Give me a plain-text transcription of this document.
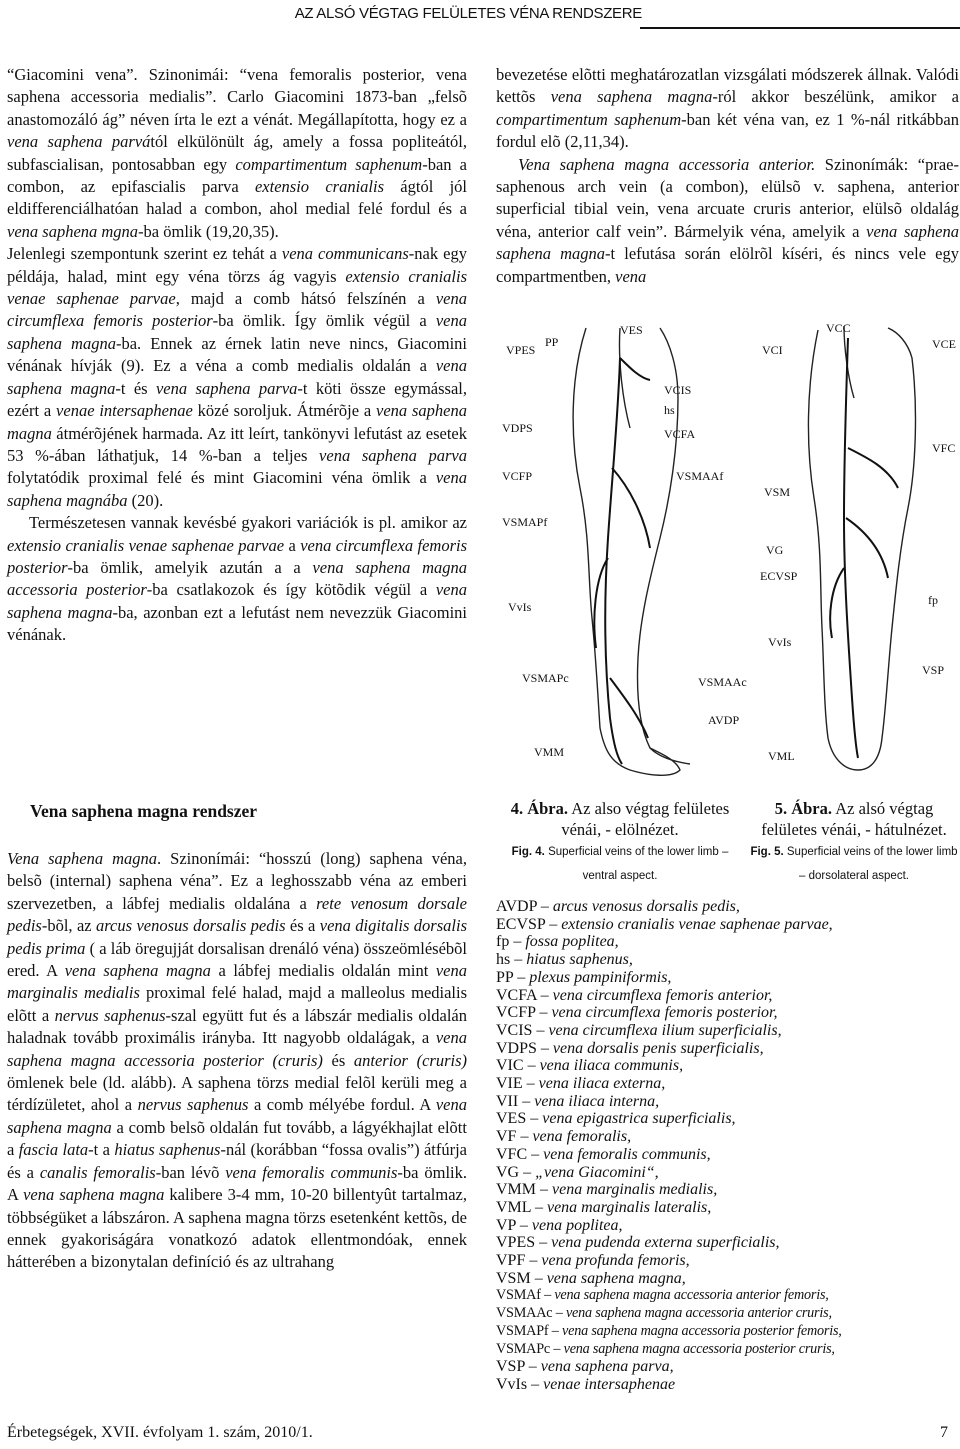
AZ ALSÓ VÉGTAG FELÜLETES VÉNA RENDSZERE

“Giacomini vena”. Szinonimái: “vena femoralis posterior, vena saphena accessoria medialis”. Carlo Giacomini 1873-ban „felsõ anastomozáló ág” néven írta le ezt a vénát. Megállapította, hogy ez a vena saphena parvától elkülönült ág, amely a fossa popliteától, subfascialisan, pontosabban egy compartimentum saphenum-ban a combon, az epifascialis parva extensio cranialis ágtól jól eldifferenciálhatóan halad a combon, ahol medial felé fordul és a vena saphena mgna-ba ömlik (19,20,35).

Jelenlegi szempontunk szerint ez tehát a vena communicans-nak egy példája, halad, mint egy véna törzs ág vagyis extensio cranialis venae saphenae parvae, majd a comb hátsó felszínén a vena circumflexa femoris posterior-ba ömlik. Így ömlik végül a vena saphena magna-ba. Ennek az érnek latin neve nincs, Giacomini vénának hívják (9). Ez a véna a comb medialis oldalán a vena saphena magna-t és vena saphena parva-t köti össze egymással, ezért a venae intersaphenae közé soroljuk. Átmérõje a vena saphena magna átmérõjének harmada. Az itt leírt, tankönyvi lefutást az esetek 53 %-ában láthatjuk, 14 %-ban a teljes vena saphena parva folytatódik proximal felé és mint Giacomini véna ömlik a vena saphena magnába (20).

Természetesen vannak kevésbé gyakori variációk is pl. amikor az extensio cranialis venae saphenae parvae a vena circumflexa femoris posterior-ba ömlik, amelyik azután a a vena saphena magna accessoria posterior-ba csatlakozok és így kötõdik végül a vena saphena magna-ba, azonban ezt a lefutást nem nevezzük Giacomini vénának.

Vena saphena magna rendszer

Vena saphena magna. Szinonímái: “hosszú (long) saphena véna, belsõ (internal) saphena véna”. Ez a leghosszabb véna az emberi szervezetben, a lábfej medialis oldalána a rete venosum dorsale pedis-bõl, az arcus venosus dorsalis pedis és a vena digitalis dorsalis pedis prima ( a láb öregujját dorsalisan drenáló véna) összeömlésébõl ered. A vena saphena magna a lábfej medialis oldalán mint vena marginalis medialis proximal felé halad, majd a malleolus medialis elõtt a nervus saphenus-szal együtt fut és a lábszár medialis oldalán haladnak tovább proximális irányba. Itt nagyobb oldalágak, a vena saphena magna accessoria posterior (cruris) és anterior (cruris) ömlenek bele (ld. alább). A saphena törzs medial felõl kerüli meg a térdízületet, ahol a nervus saphenus a comb mélyébe fordul. A vena saphena magna a comb belsõ oldalán fut tovább, a lágyékhajlat elõtt a fascia lata-t a hiatus saphenus-nál (korábban “fossa ovalis”) átfúrja és a canalis femoralis-ban lévõ vena femoralis communis-ba ömlik. A vena saphena magna kalibere 3-4 mm, 10-20 billentyût tartalmaz, többségüket a lábszáron. A saphena magna törzs esetenként kettõs, de ennek gyakoriságára vonatkozó adatok ellentmondóak, ennek hátterében a bizonytalan definíció és az ultrahang

bevezetése elõtti meghatározatlan vizsgálati módszerek állnak. Valódi kettõs vena saphena magna-ról akkor beszélünk, amikor a compartimentum saphenum-ban két véna van, ez 1 %-nál ritkábban fordul elõ (2,11,34).

Vena saphena magna accessoria anterior. Szinonímák: “prae-saphenous arch vein (a combon), elülsõ v. saphena, anterior superficial tibial vein, vena arcuate cruris anterior, elülsõ oldalág véna, anterior calf vein”. Bármelyik véna, amelyik a vena saphena saphena magna-t lefutása során elölrõl kíséri, és nincs vele egy compartmentben, vena

VES
PP
VPES
VCIS
hs
VDPS	VCFA
VCFP	VSMAAf
VSMAPf
VvIs
VSMAPc	VSMAAc
AVDP
VMM
VCC
VCI	VCE
VFC
VSM
VG
ECVSP
fp
VvIs
VSP
VML
4. Ábra. Az also végtag felületes vénái, - elölnézet.
Fig. 4. Superficial veins of the lower limb – ventral aspect.
5. Ábra. Az alsó végtag felületes vénái, - hátulnézet.
Fig. 5. Superficial veins of the lower limb – dorsolateral aspect.
AVDP – arcus venosus dorsalis pedis,
ECVSP – extensio cranialis venae saphenae parvae,
fp – fossa poplitea,
hs – hiatus saphenus,
PP – plexus pampiniformis,
VCFA – vena circumflexa femoris anterior,
VCFP – vena circumflexa femoris posterior,
VCIS – vena circumflexa ilium superficialis,
VDPS – vena dorsalis penis superficialis,
VIC – vena iliaca communis,
VIE – vena iliaca externa,
VII – vena iliaca interna,
VES – vena epigastrica superficialis,
VF – vena femoralis,
VFC – vena femoralis communis,
VG – „vena Giacomini“,
VMM – vena marginalis medialis,
VML – vena marginalis lateralis,
VP – vena poplitea,
VPES – vena pudenda externa superficialis,
VPF – vena profunda femoris,
VSM – vena saphena magna,
VSMAf – vena saphena magna accessoria anterior femoris,
VSMAAc – vena saphena magna accessoria anterior cruris,
VSMAPf – vena saphena magna accessoria posterior femoris,
VSMAPc – vena saphena magna accessoria posterior cruris,
VSP – vena saphena parva,
VvIs – venae intersaphenae
Érbetegségek, XVII. évfolyam 1. szám, 2010/1.	7
